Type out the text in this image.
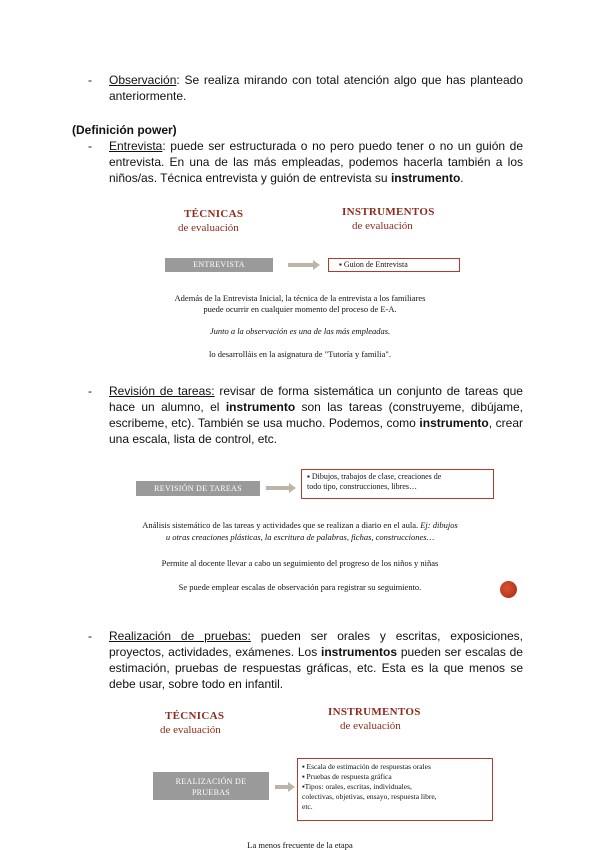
- Observación: Se realiza mirando con total atención algo que has planteado anteriormente.
(Definición power)
- Entrevista: puede ser estructurada o no pero puedo tener o no un guión de entrevista. En una de las más empleadas, podemos hacerla también a los niños/as. Técnica entrevista y guión de entrevista su instrumento.
TÉCNICAS
de evaluación
INSTRUMENTOS
de evaluación
ENTREVISTA	▪ Guion de Entrevista
Además de la Entrevista Inicial, la técnica de la entrevista a los familiares
puede ocurrir en cualquier momento del proceso de E-A.
Junto a la observación es una de las más empleadas.
lo desarrolláis en la asignatura de "Tutoría y familia".
- Revisión de tareas: revisar de forma sistemática un conjunto de tareas que hace un alumno, el instrumento son las tareas (construyeme, dibújame, escribeme, etc). También se usa mucho. Podemos, como instrumento, crear una escala, lista de control, etc.
REVISIÓN DE TAREAS
▪ Dibujos, trabajos de clase, creaciones de
todo tipo, construcciones, libres…
Análisis sistemático de las tareas y actividades que se realizan a diario en el aula. Ej: dibujos
u otras creaciones plásticas, la escritura de palabras, fichas, construcciones…
Permite al docente llevar a cabo un seguimiento del progreso de los niños y niñas
Se puede emplear escalas de observación para registrar su seguimiento.
- Realización de pruebas: pueden ser orales y escritas, exposiciones, proyectos, actividades, exámenes. Los instrumentos pueden ser escalas de estimación, pruebas de respuestas gráficas, etc. Esta es la que menos se debe usar, sobre todo en infantil.
TÉCNICAS
de evaluación
INSTRUMENTOS
de evaluación
REALIZACIÓN DE
PRUEBAS
▪ Escala de estimación de respuestas orales
▪ Pruebas de respuesta gráfica
▪Tipos: orales, escritas, individuales,
colectivas, objetivas, ensayo, respuesta libre,
etc.
La menos frecuente de la etapa
